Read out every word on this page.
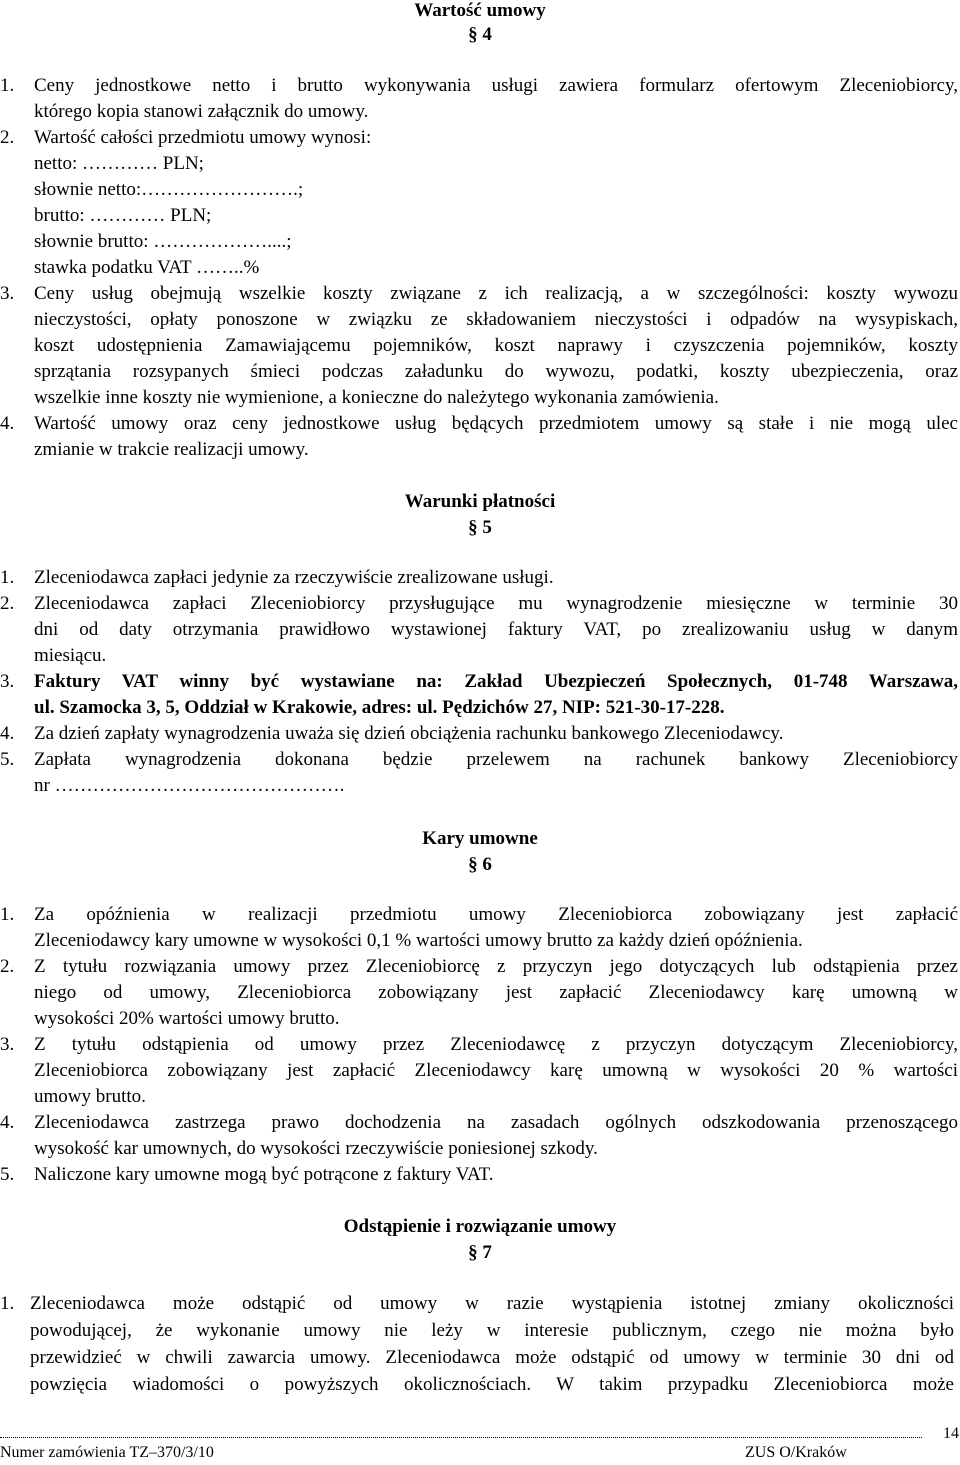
Wartość umowy
§ 4
Warunki płatności
§ 5
Kary umowne
§ 6
Odstąpienie i rozwiązanie umowy
§ 7
Numer zamówienia TZ–370/3/10	ZUS O/Kraków
14
1. Ceny jednostkowe netto i brutto wykonywania usługi zawiera formularz ofertowym Zleceniobiorcy,
którego kopia stanowi załącznik do umowy.
2. Wartość całości przedmiotu umowy wynosi:
netto: ………… PLN;
słownie netto:…………………….;
brutto: ………… PLN;
słownie brutto: ………………....;
stawka podatku VAT ……..%
3. Ceny usług obejmują wszelkie koszty związane z ich realizacją, a w szczególności: koszty wywozu
nieczystości, opłaty ponoszone w związku ze składowaniem nieczystości i odpadów na wysypiskach,
koszt udostępnienia Zamawiającemu pojemników, koszt naprawy i czyszczenia pojemników, koszty
sprzątania rozsypanych śmieci podczas załadunku do wywozu, podatki, koszty ubezpieczenia, oraz
wszelkie inne koszty nie wymienione, a konieczne do należytego wykonania zamówienia.
4. Wartość umowy oraz ceny jednostkowe usług będących przedmiotem umowy są stałe i nie mogą ulec
zmianie w trakcie realizacji umowy.
1. Zleceniodawca zapłaci jedynie za rzeczywiście zrealizowane usługi.
2. Zleceniodawca zapłaci Zleceniobiorcy przysługujące mu wynagrodzenie miesięczne w terminie 30
dni od daty otrzymania prawidłowo wystawionej faktury VAT, po zrealizowaniu usług w danym
miesiącu.
3. Faktury VAT winny być wystawiane na: Zakład Ubezpieczeń Społecznych, 01-748 Warszawa,
ul. Szamocka 3, 5, Oddział w Krakowie, adres: ul. Pędzichów 27, NIP: 521-30-17-228.
4. Za dzień zapłaty wynagrodzenia uważa się dzień obciążenia rachunku bankowego Zleceniodawcy.
5. Zapłata wynagrodzenia dokonana będzie przelewem na rachunek bankowy Zleceniobiorcy
nr ……………………………………….
1. Za opóźnienia w realizacji przedmiotu umowy Zleceniobiorca zobowiązany jest zapłacić
Zleceniodawcy kary umowne w wysokości 0,1 % wartości umowy brutto za każdy dzień opóźnienia.
2. Z tytułu rozwiązania umowy przez Zleceniobiorcę z przyczyn jego dotyczących lub odstąpienia przez
niego od umowy, Zleceniobiorca zobowiązany jest zapłacić Zleceniodawcy karę umowną w
wysokości 20% wartości umowy brutto.
3. Z tytułu odstąpienia od umowy przez Zleceniodawcę z przyczyn dotyczącym Zleceniobiorcy,
Zleceniobiorca zobowiązany jest zapłacić Zleceniodawcy karę umowną w wysokości 20 % wartości
umowy brutto.
4. Zleceniodawca zastrzega prawo dochodzenia na zasadach ogólnych odszkodowania przenoszącego
wysokość kar umownych, do wysokości rzeczywiście poniesionej szkody.
5. Naliczone kary umowne mogą być potrącone z faktury VAT.
1. Zleceniodawca może odstąpić od umowy w razie wystąpienia istotnej zmiany okoliczności
powodującej, że wykonanie umowy nie leży w interesie publicznym, czego nie można było
przewidzieć w chwili zawarcia umowy. Zleceniodawca może odstąpić od umowy w terminie 30 dni od
powzięcia wiadomości o powyższych okolicznościach. W takim przypadku Zleceniobiorca może
